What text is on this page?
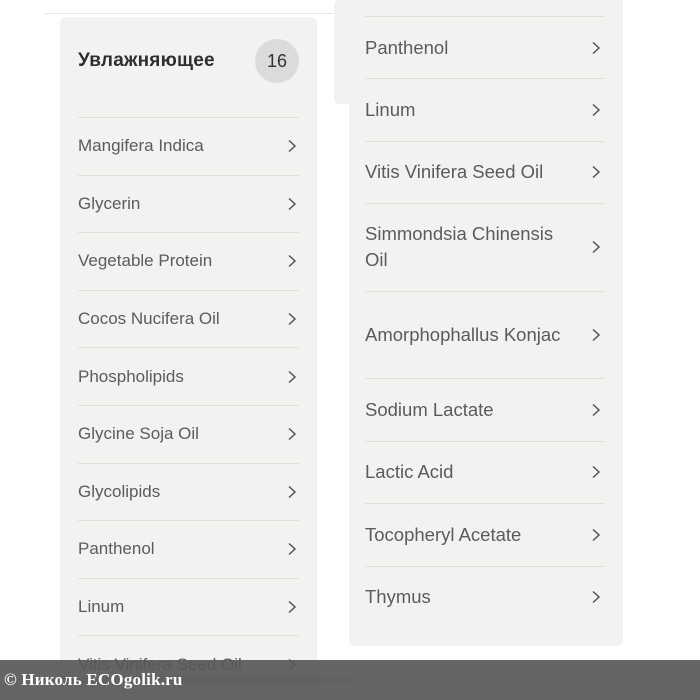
Увлажняющее	16
Mangifera Indica
Glycerin
Vegetable Protein
Cocos Nucifera Oil
Phospholipids
Glycine Soja Oil
Glycolipids
Panthenol
Linum
Panthenol
Linum
Vitis Vinifera Seed Oil
Simmondsia Chinensis Oil
Amorphophallus Konjac
Sodium Lactate
Lactic Acid
Tocopheryl Acetate
Thymus
© Николь ECOgolik.ru
